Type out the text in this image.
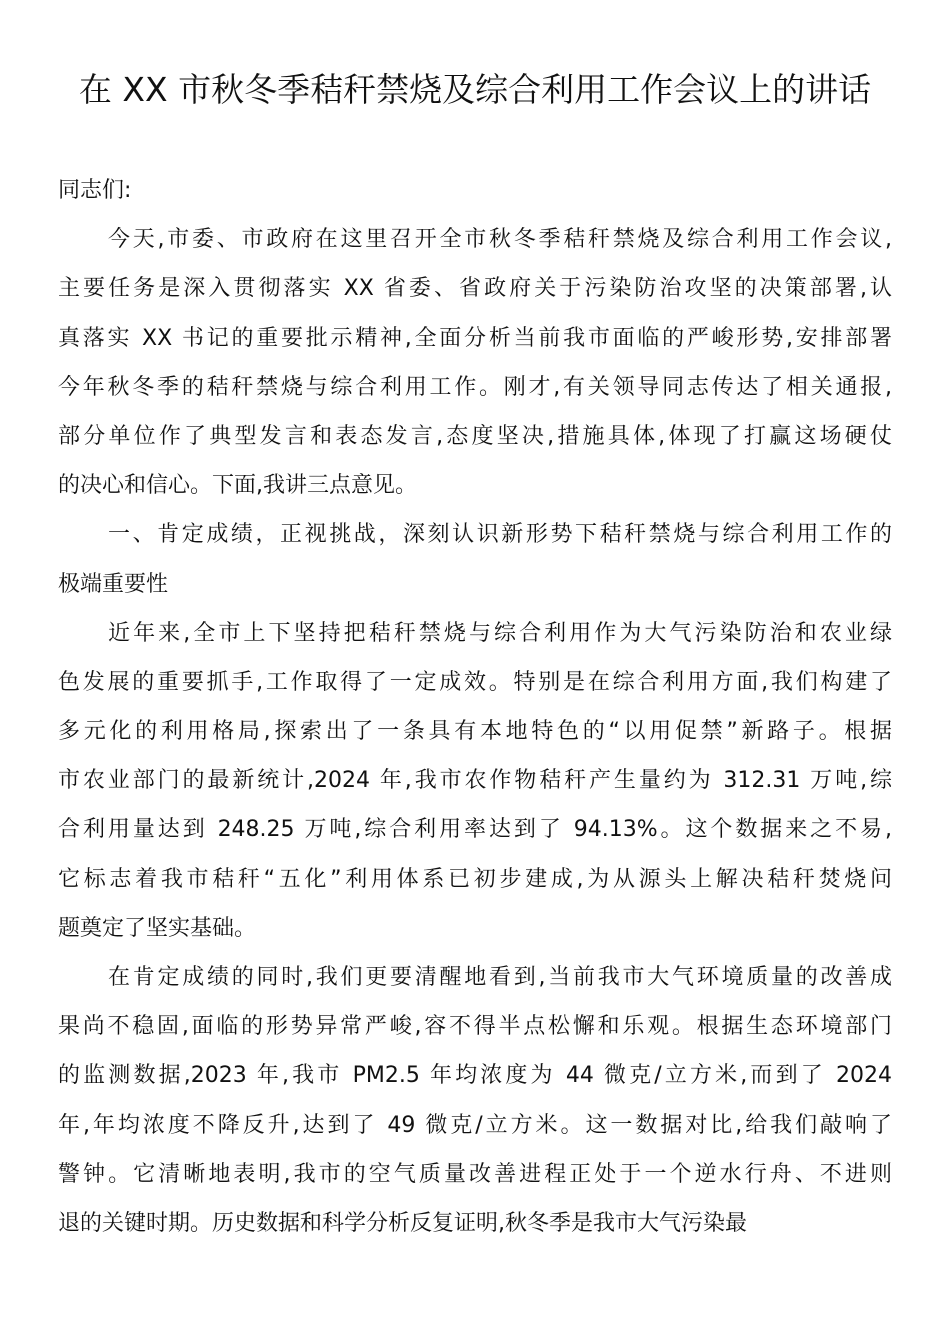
在 XX 市秋冬季秸秆禁烧及综合利用工作会议上的讲话
同志们:
今天,市委、市政府在这里召开全市秋冬季秸秆禁烧及综合利用工作会议,
主要任务是深入贯彻落实 XX 省委、省政府关于污染防治攻坚的决策部署,认
真落实 XX 书记的重要批示精神,全面分析当前我市面临的严峻形势,安排部署
今年秋冬季的秸秆禁烧与综合利用工作。刚才,有关领导同志传达了相关通报,
部分单位作了典型发言和表态发言,态度坚决,措施具体,体现了打赢这场硬仗
的决心和信心。下面,我讲三点意见。
一、肯定成绩，正视挑战，深刻认识新形势下秸秆禁烧与综合利用工作的
极端重要性
近年来,全市上下坚持把秸秆禁烧与综合利用作为大气污染防治和农业绿
色发展的重要抓手,工作取得了一定成效。特别是在综合利用方面,我们构建了
多元化的利用格局,探索出了一条具有本地特色的“以用促禁”新路子。根据
市农业部门的最新统计,2024 年,我市农作物秸秆产生量约为 312.31 万吨,综
合利用量达到 248.25 万吨,综合利用率达到了 94.13%。这个数据来之不易,
它标志着我市秸秆“五化”利用体系已初步建成,为从源头上解决秸秆焚烧问
题奠定了坚实基础。
在肯定成绩的同时,我们更要清醒地看到,当前我市大气环境质量的改善成
果尚不稳固,面临的形势异常严峻,容不得半点松懈和乐观。根据生态环境部门
的监测数据,2023 年,我市 PM2.5 年均浓度为 44 微克/立方米,而到了 2024
年,年均浓度不降反升,达到了 49 微克/立方米。这一数据对比,给我们敲响了
警钟。它清晰地表明,我市的空气质量改善进程正处于一个逆水行舟、不进则
退的关键时期。历史数据和科学分析反复证明,秋冬季是我市大气污染最
